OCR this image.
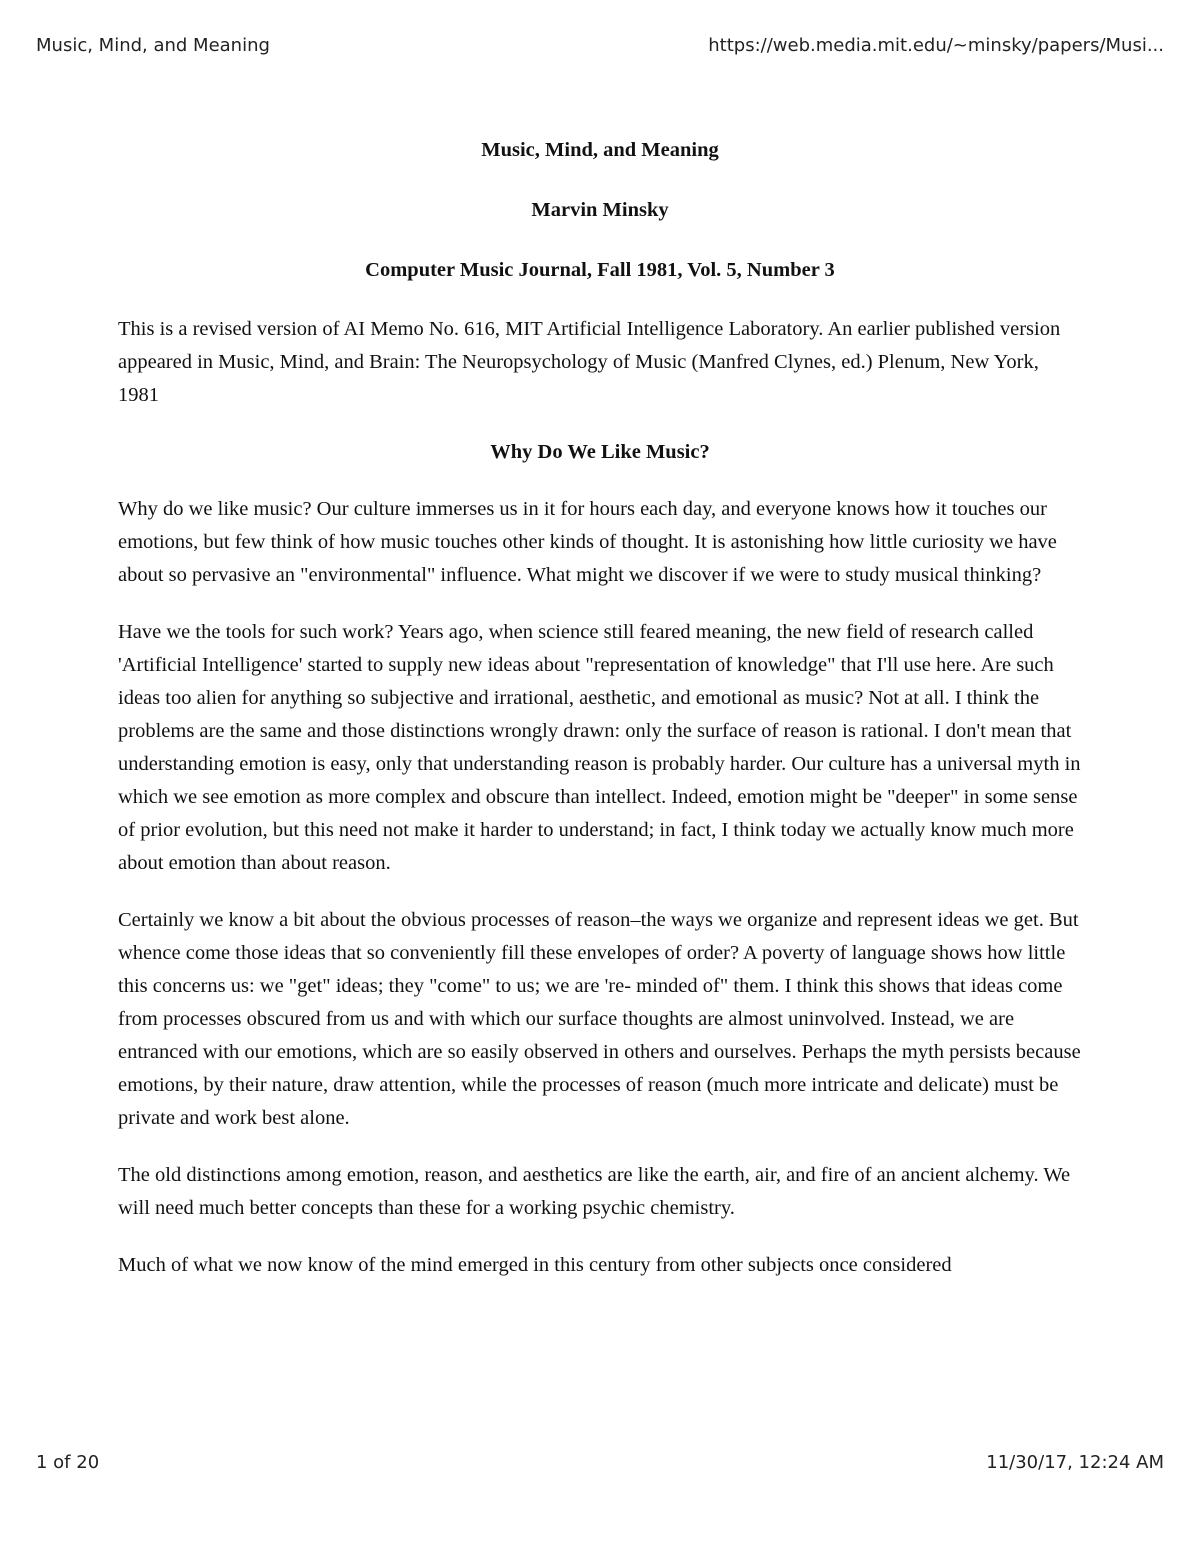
Music, Mind, and Meaning	https://web.media.mit.edu/~minsky/papers/Musi...
Music, Mind, and Meaning
Marvin Minsky
Computer Music Journal, Fall 1981, Vol. 5, Number 3

This is a revised version of AI Memo No. 616, MIT Artificial Intelligence Laboratory. An earlier published version appeared in Music, Mind, and Brain: The Neuropsychology of Music (Manfred Clynes, ed.) Plenum, New York, 1981

Why Do We Like Music?

Why do we like music? Our culture immerses us in it for hours each day, and everyone knows how it touches our emotions, but few think of how music touches other kinds of thought. It is astonishing how little curiosity we have about so pervasive an "environmental" influence. What might we discover if we were to study musical thinking?

Have we the tools for such work? Years ago, when science still feared meaning, the new field of research called 'Artificial Intelligence' started to supply new ideas about "representation of knowledge" that I'll use here. Are such ideas too alien for anything so subjective and irrational, aesthetic, and emotional as music? Not at all. I think the problems are the same and those distinctions wrongly drawn: only the surface of reason is rational. I don't mean that understanding emotion is easy, only that understanding reason is probably harder. Our culture has a universal myth in which we see emotion as more complex and obscure than intellect. Indeed, emotion might be "deeper" in some sense of prior evolution, but this need not make it harder to understand; in fact, I think today we actually know much more about emotion than about reason.

Certainly we know a bit about the obvious processes of reason–the ways we organize and represent ideas we get. But whence come those ideas that so conveniently fill these envelopes of order? A poverty of language shows how little this concerns us: we "get" ideas; they "come" to us; we are 're- minded of" them. I think this shows that ideas come from processes obscured from us and with which our surface thoughts are almost uninvolved. Instead, we are entranced with our emotions, which are so easily observed in others and ourselves. Perhaps the myth persists because emotions, by their nature, draw attention, while the processes of reason (much more intricate and delicate) must be private and work best alone.

The old distinctions among emotion, reason, and aesthetics are like the earth, air, and fire of an ancient alchemy. We will need much better concepts than these for a working psychic chemistry.

Much of what we now know of the mind emerged in this century from other subjects once considered

1 of 20	11/30/17, 12:24 AM
